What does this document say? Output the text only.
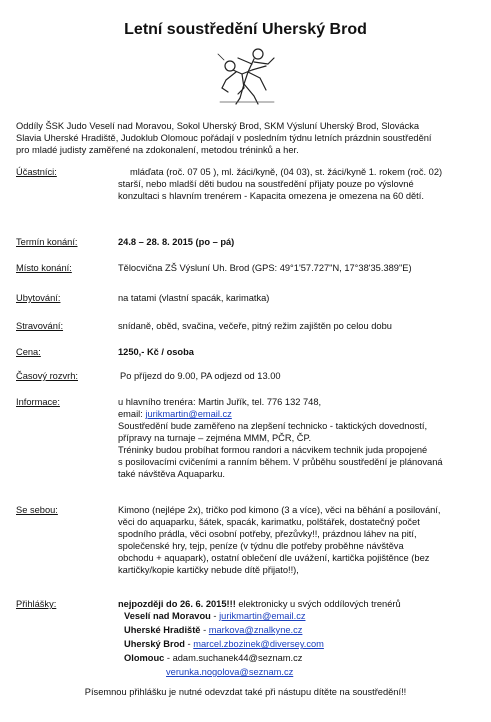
Letní soustředění Uherský Brod
Oddíly ŠSK Judo Veselí nad Moravou, Sokol Uherský Brod, SKM Výsluní Uherský Brod, Slovácka
Slavia Uherské Hradiště, Judoklub Olomouc pořádají v posledním týdnu letních prázdnin soustředění
pro mladé judisty zaměřené na zdokonalení, metodou tréninků a her.
Účastníci:	mláďata (roč. 07 05 ), ml. žáci/kyně, (04 03), st. žáci/kyně 1. rokem (roč. 02)
starší, nebo mladší děti budou na soustředění přijaty pouze po výslovné
konzultaci s hlavním trenérem - Kapacita omezena je omezena na 60 dětí.
Termín konání:	24.8 – 28. 8. 2015 (po – pá)
Místo konání:	Tělocvična ZŠ Výsluní Uh. Brod (GPS: 49°1'57.727"N, 17°38'35.389"E)
Ubytování:	na tatami (vlastní spacák, karimatka)
Stravování:	snídaně, oběd, svačina, večeře, pitný režim zajištěn po celou dobu
Cena:	1250,- Kč / osoba
Časový rozvrh:	Po příjezd do 9.00, PA odjezd od 13.00
Informace:	u hlavního trenéra: Martin Juřík, tel. 776 132 748,
email: jurikmartin@email.cz
Soustředění bude zaměřeno na zlepšení technicko - taktických dovedností,
přípravy na turnaje – zejména MMM, PČR, ČP.
Tréninky budou probíhat formou randori a nácvikem technik juda propojené
s posilovacími cvičeními a ranním během. V průběhu soustředění je plánovaná
také návštěva Aquaparku.
Se sebou:	Kimono (nejlépe 2x), tričko pod kimono (3 a více), věci na běhání a posilování,
věci do aquaparku, šátek, spacák, karimatku, polštářek, dostatečný počet
spodního prádla, věci osobní potřeby, přezůvky!!, prázdnou láhev na pití,
společenské hry, tejp, peníze (v týdnu dle potřeby proběhne návštěva
obchodu + aquapark), ostatní oblečení dle uvážení, kartička pojištěnce (bez
kartičky/kopie kartičky nebude dítě přijato!!),
Přihlášky:	nejpozději do 26. 6. 2015!!! elektronicky u svých oddílových trenérů
Veselí nad Moravou - jurikmartin@email.cz
Uherské Hradiště - markova@znalkyne.cz
Uherský Brod - marcel.zbozinek@diversey.com
Olomouc - adam.suchanek44@seznam.cz
verunka.nogolova@seznam.cz
Písemnou přihlášku je nutné odevzdat také při nástupu dítěte na soustředění!!
